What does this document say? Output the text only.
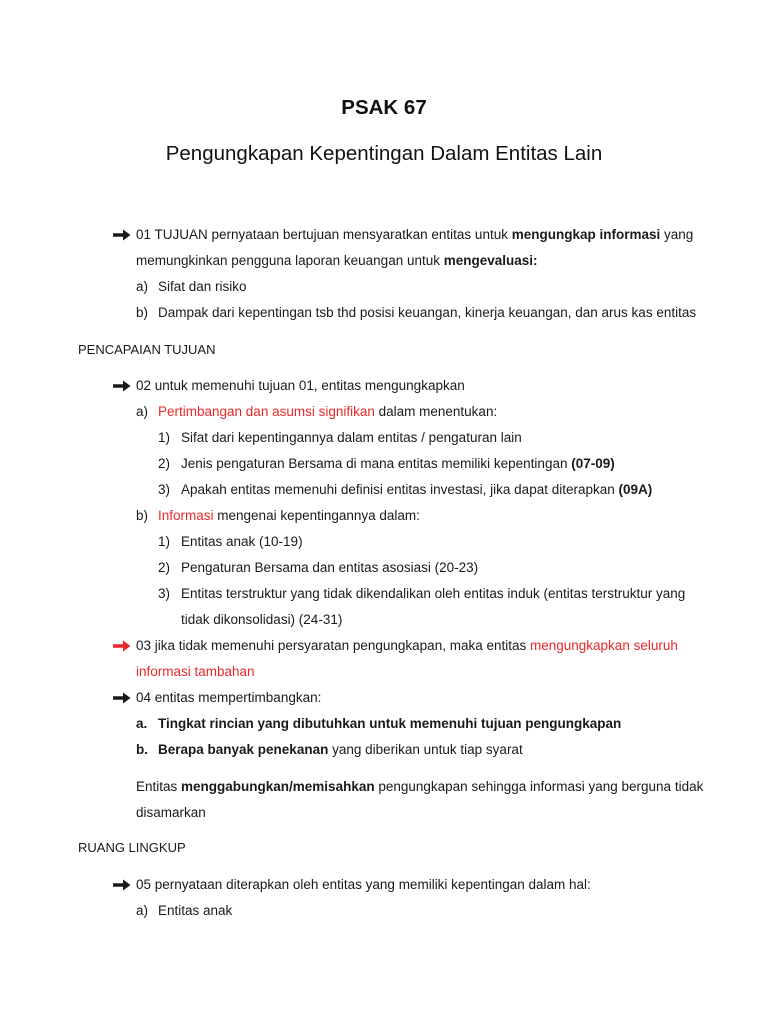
PSAK 67
Pengungkapan Kepentingan Dalam Entitas Lain
01 TUJUAN pernyataan bertujuan mensyaratkan entitas untuk mengungkap informasi yang
memungkinkan pengguna laporan keuangan untuk mengevaluasi:
a) Sifat dan risiko
b) Dampak dari kepentingan tsb thd posisi keuangan, kinerja keuangan, dan arus kas entitas
PENCAPAIAN TUJUAN
02 untuk memenuhi tujuan 01, entitas mengungkapkan
a) Pertimbangan dan asumsi signifikan dalam menentukan:
1) Sifat dari kepentingannya dalam entitas / pengaturan lain
2) Jenis pengaturan Bersama di mana entitas memiliki kepentingan (07-09)
3) Apakah entitas memenuhi definisi entitas investasi, jika dapat diterapkan (09A)
b) Informasi mengenai kepentingannya dalam:
1) Entitas anak (10-19)
2) Pengaturan Bersama dan entitas asosiasi (20-23)
3) Entitas terstruktur yang tidak dikendalikan oleh entitas induk (entitas terstruktur yang
tidak dikonsolidasi) (24-31)
03 jika tidak memenuhi persyaratan pengungkapan, maka entitas mengungkapkan seluruh
informasi tambahan
04 entitas mempertimbangkan:
a. Tingkat rincian yang dibutuhkan untuk memenuhi tujuan pengungkapan
b. Berapa banyak penekanan yang diberikan untuk tiap syarat
Entitas menggabungkan/memisahkan pengungkapan sehingga informasi yang berguna tidak
disamarkan
RUANG LINGKUP
05 pernyataan diterapkan oleh entitas yang memiliki kepentingan dalam hal:
a) Entitas anak
